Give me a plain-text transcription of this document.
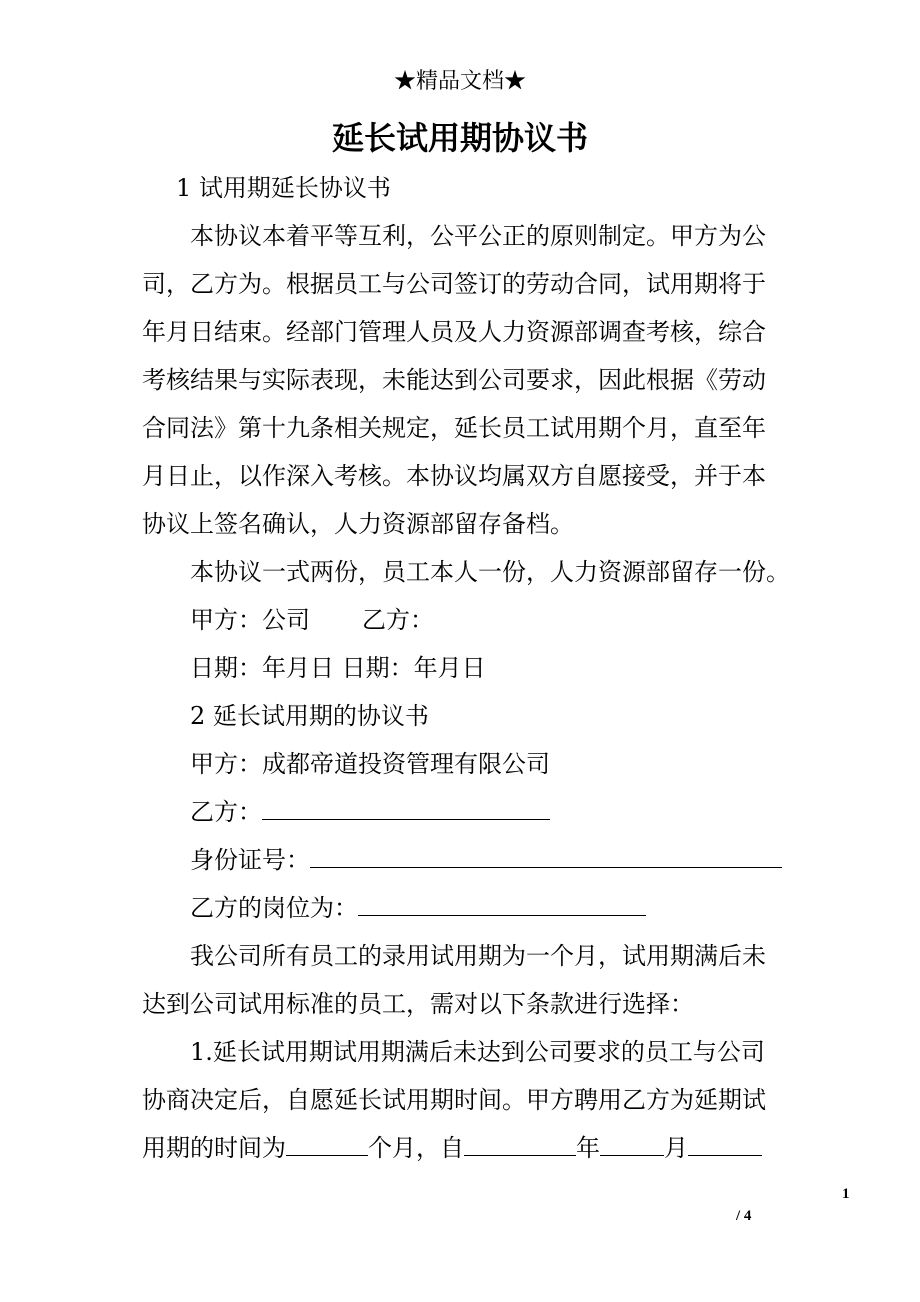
★精品文档★
延长试用期协议书
1 试用期延长协议书
本协议本着平等互利，公平公正的原则制定。甲方为公
司，乙方为。根据员工与公司签订的劳动合同，试用期将于
年月日结束。经部门管理人员及人力资源部调查考核，综合
考核结果与实际表现，未能达到公司要求，因此根据《劳动
合同法》第十九条相关规定，延长员工试用期个月，直至年
月日止，以作深入考核。本协议均属双方自愿接受，并于本
协议上签名确认，人力资源部留存备档。
本协议一式两份，员工本人一份，人力资源部留存一份。
甲方：公司 乙方：
日期：年月日 日期：年月日
2 延长试用期的协议书
甲方：成都帝道投资管理有限公司
乙方：
身份证号：
乙方的岗位为：
我公司所有员工的录用试用期为一个月，试用期满后未
达到公司试用标准的员工，需对以下条款进行选择：
1.延长试用期试用期满后未达到公司要求的员工与公司
协商决定后，自愿延长试用期时间。甲方聘用乙方为延期试
用期的时间为	个月，自	年	月
1
/ 4
